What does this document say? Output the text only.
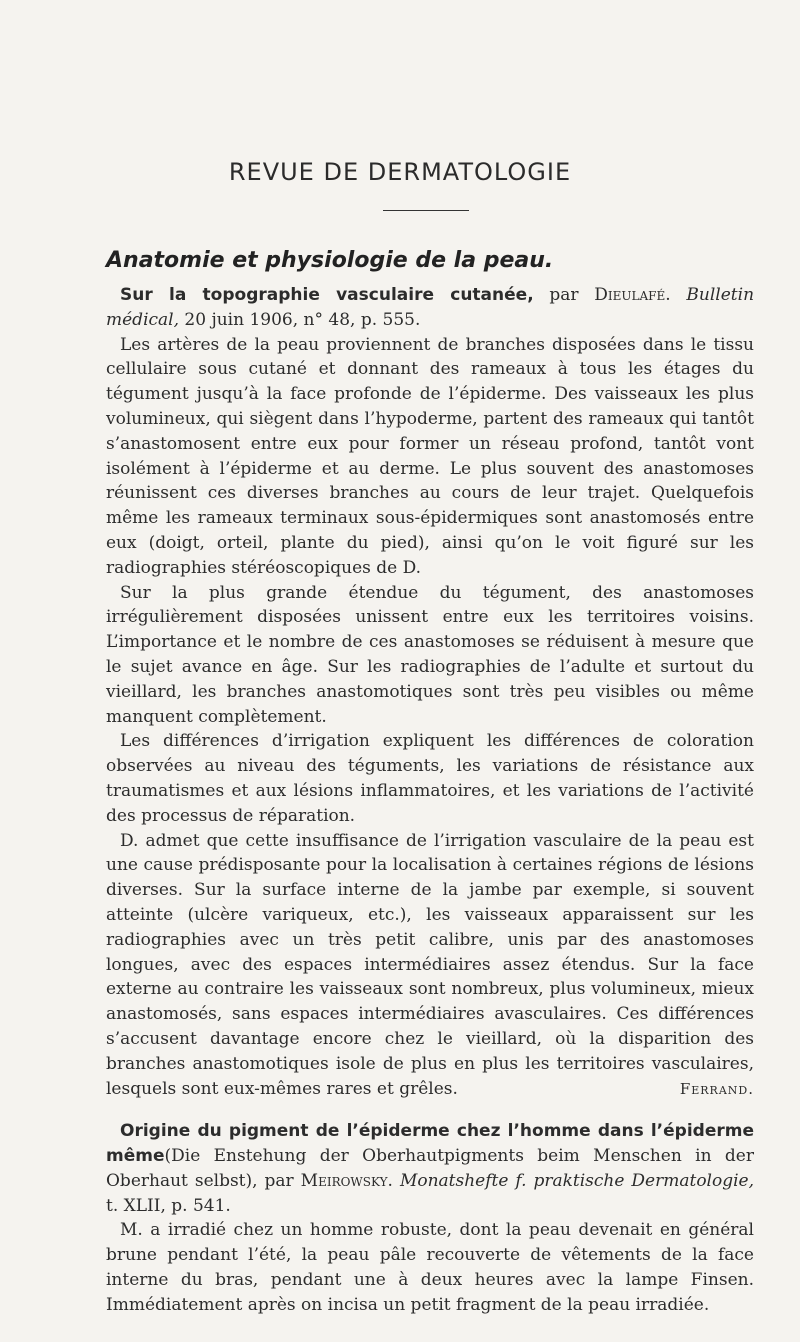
REVUE DE DERMATOLOGIE
Anatomie et physiologie de la peau.

Sur la topographie vasculaire cutanée, par Dieulafé. Bulletin médical, 20 juin 1906, n° 48, p. 555.

Les artères de la peau proviennent de branches disposées dans le tissu cellulaire sous cutané et donnant des rameaux à tous les étages du tégument jusqu’à la face profonde de l’épiderme. Des vaisseaux les plus volumineux, qui siègent dans l’hypoderme, partent des rameaux qui tantôt s’anastomosent entre eux pour former un réseau profond, tantôt vont isolément à l’épiderme et au derme. Le plus souvent des anastomoses réunissent ces diverses branches au cours de leur trajet. Quelquefois même les rameaux terminaux sous-épidermiques sont anastomosés entre eux (doigt, orteil, plante du pied), ainsi qu’on le voit figuré sur les radiographies stéréoscopiques de D.

Sur la plus grande étendue du tégument, des anastomoses irrégulièrement disposées unissent entre eux les territoires voisins. L’importance et le nombre de ces anastomoses se réduisent à mesure que le sujet avance en âge. Sur les radiographies de l’adulte et surtout du vieillard, les branches anastomotiques sont très peu visibles ou même manquent complètement.

Les différences d’irrigation expliquent les différences de coloration observées au niveau des téguments, les variations de résistance aux traumatismes et aux lésions inflammatoires, et les variations de l’activité des processus de réparation.

D. admet que cette insuffisance de l’irrigation vasculaire de la peau est une cause prédisposante pour la localisation à certaines régions de lésions diverses. Sur la surface interne de la jambe par exemple, si souvent atteinte (ulcère variqueux, etc.), les vaisseaux apparaissent sur les radiographies avec un très petit calibre, unis par des anastomoses longues, avec des espaces intermédiaires assez étendus. Sur la face externe au contraire les vaisseaux sont nombreux, plus volumineux, mieux anastomosés, sans espaces intermédiaires avasculaires. Ces différences s’accusent davantage encore chez le vieillard, où la disparition des branches anastomotiques isole de plus en plus les territoires vasculaires, lesquels sont eux-mêmes rares et grêles.	Ferrand.

Origine du pigment de l’épiderme chez l’homme dans l’épiderme même(Die Enstehung der Oberhautpigments beim Menschen in der Oberhaut selbst), par Meirowsky. Monatshefte f. praktische Dermatologie, t. XLII, p. 541.

M. a irradié chez un homme robuste, dont la peau devenait en général brune pendant l’été, la peau pâle recouverte de vêtements de la face interne du bras, pendant une à deux heures avec la lampe Finsen. Immédiatement après on incisa un petit fragment de la peau irradiée.
